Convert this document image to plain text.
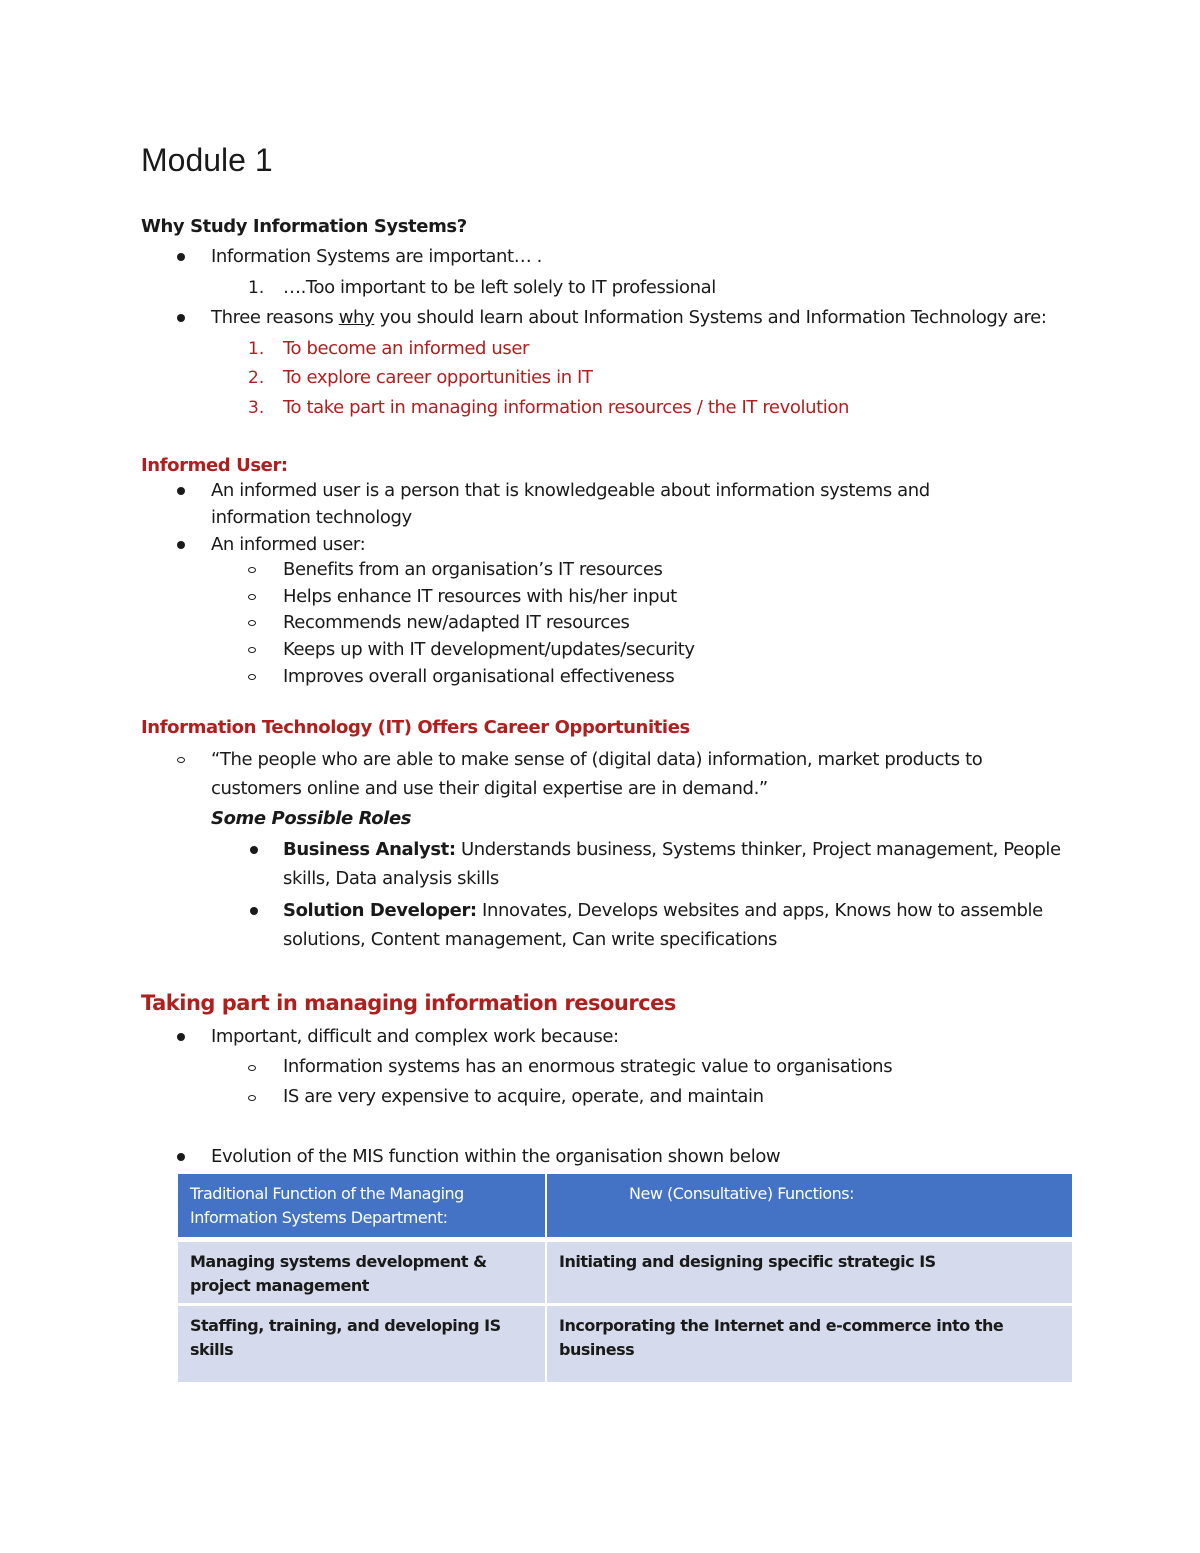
Module 1
Why Study Information Systems?
Information Systems are important… .
1. ….Too important to be left solely to IT professional
Three reasons why you should learn about Information Systems and Information Technology are:
1. To become an informed user
2. To explore career opportunities in IT
3. To take part in managing information resources / the IT revolution
Informed User:
An informed user is a person that is knowledgeable about information systems and
information technology
An informed user:
Benefits from an organisation’s IT resources
Helps enhance IT resources with his/her input
Recommends new/adapted IT resources
Keeps up with IT development/updates/security
Improves overall organisational effectiveness
Information Technology (IT) Offers Career Opportunities
“The people who are able to make sense of (digital data) information, market products to
customers online and use their digital expertise are in demand.”
Some Possible Roles
Business Analyst: Understands business, Systems thinker, Project management, People
skills, Data analysis skills
Solution Developer: Innovates, Develops websites and apps, Knows how to assemble
solutions, Content management, Can write specifications
Taking part in managing information resources
Important, difficult and complex work because:
Information systems has an enormous strategic value to organisations
IS are very expensive to acquire, operate, and maintain
Evolution of the MIS function within the organisation shown below
Traditional Function of the Managing Information Systems Department:
New (Consultative) Functions:
Managing systems development & project management
Initiating and designing specific strategic IS
Staffing, training, and developing IS skills
Incorporating the Internet and e-commerce into the business
